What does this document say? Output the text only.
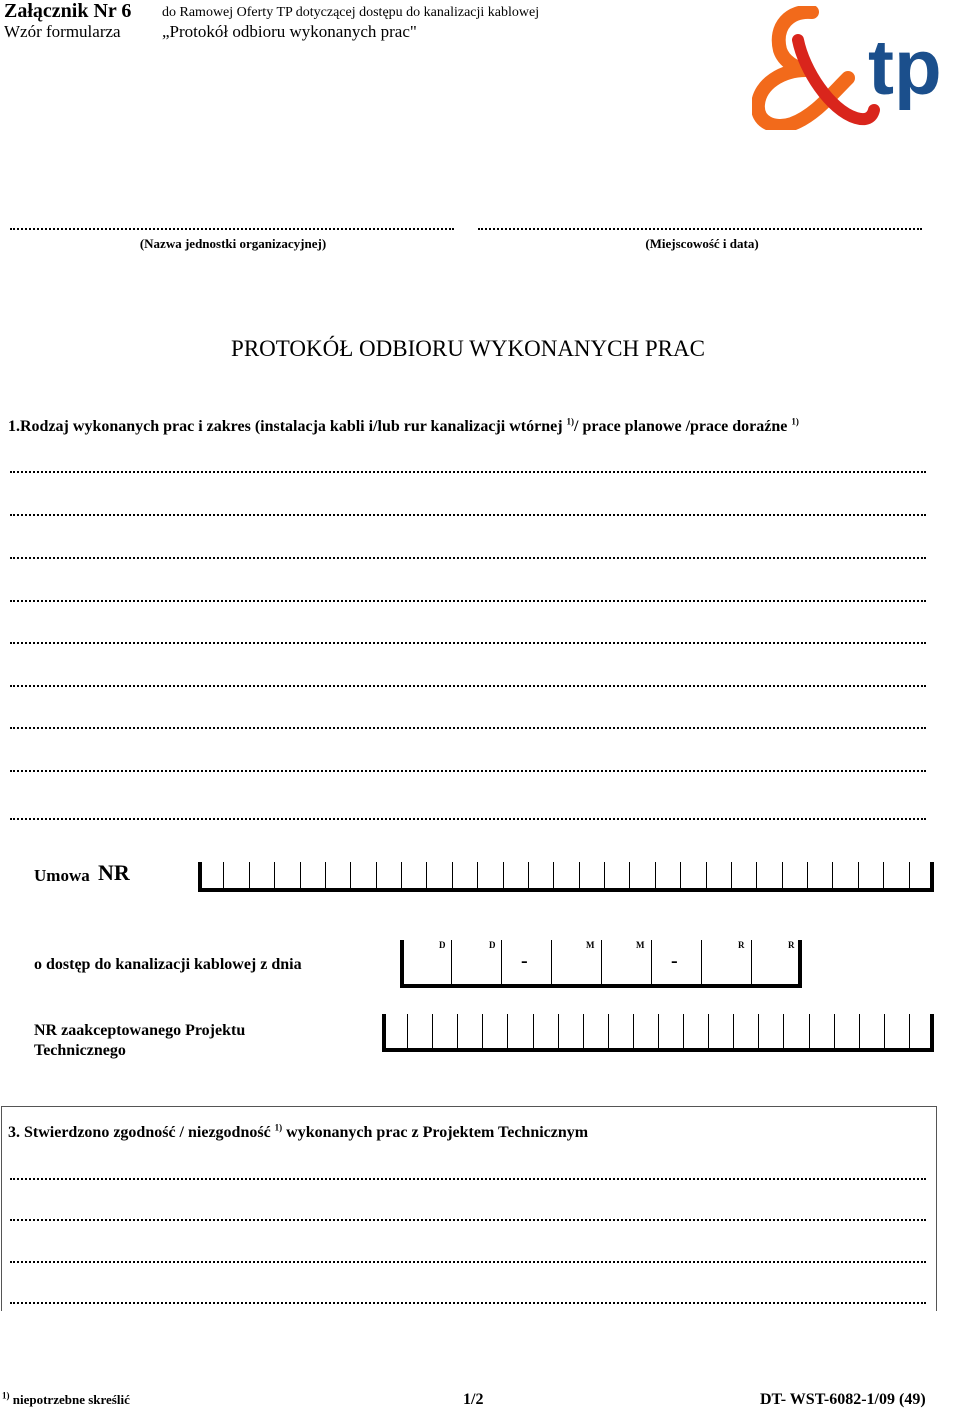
Załącznik Nr 6 do Ramowej Oferty TP dotyczącej dostępu do kanalizacji kablowej
Wzór formularza „Protokół odbioru wykonanych prac"	tp
(Nazwa jednostki organizacyjnej)	(Miejscowość i data)
PROTOKÓŁ ODBIORU WYKONANYCH PRAC
1.Rodzaj wykonanych prac i zakres (instalacja kabli i/lub rur kanalizacji wtórnej $^{1)}$/ prace planowe /prace doraźne $^{1)}$
Umowa NR
o dostęp do kanalizacji kablowej z dnia
D	D	M	M	R	R
-	-
NR zaakceptowanego Projektu Technicznego
3. Stwierdzono zgodność / niezgodność $^{1)}$ wykonanych prac z Projektem Technicznym
$^{1)}$ niepotrzebne skreślić	1/2	DT- WST-6082-1/09 (49)
